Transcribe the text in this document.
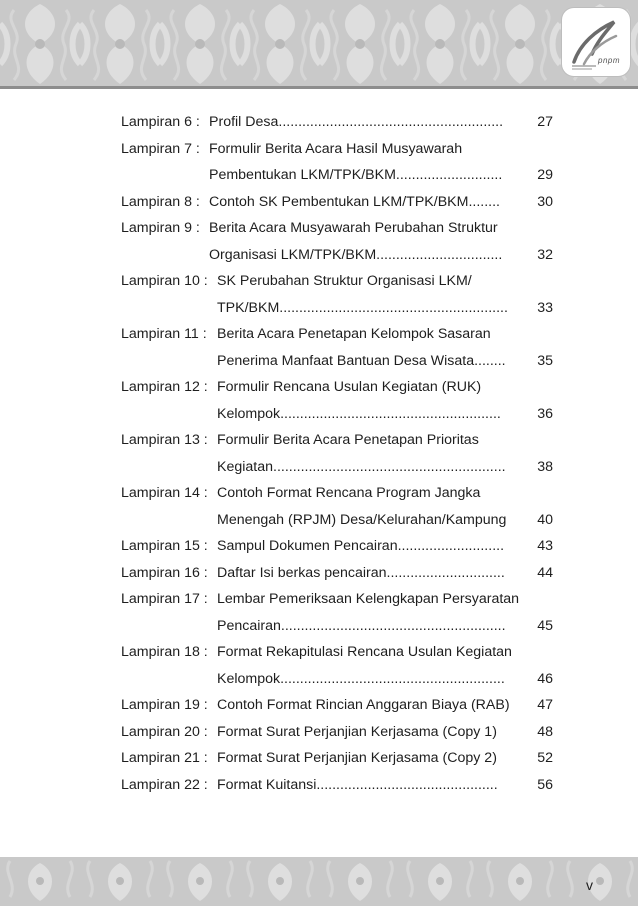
pnpm
Lampiran 6 : Profil Desa......................................................... 27
Lampiran 7 : Formulir Berita Acara Hasil Musyawarah
Pembentukan LKM/TPK/BKM........................... 29
Lampiran 8 : Contoh SK Pembentukan LKM/TPK/BKM........	30
Lampiran 9 : Berita Acara Musyawarah Perubahan Struktur
Organisasi LKM/TPK/BKM................................ 32
Lampiran 10 : SK Perubahan Struktur Organisasi LKM/
TPK/BKM.......................................................... 33
Lampiran 11 : Berita Acara Penetapan Kelompok Sasaran
Penerima Manfaat Bantuan Desa Wisata........ 35
Lampiran 12 : Formulir Rencana Usulan Kegiatan (RUK)
Kelompok........................................................	36
Lampiran 13 : Formulir Berita Acara Penetapan Prioritas
Kegiatan........................................................... 38
Lampiran 14 : Contoh Format Rencana Program Jangka
Menengah (RPJM) Desa/Kelurahan/Kampung 40
Lampiran 15 : Sampul Dokumen Pencairan........................... 43
Lampiran 16 : Daftar Isi berkas pencairan.............................. 44
Lampiran 17 : Lembar Pemeriksaan Kelengkapan Persyaratan
Pencairan......................................................... 45
Lampiran 18 : Format Rekapitulasi Rencana Usulan Kegiatan
Kelompok......................................................... 46
Lampiran 19 : Contoh Format Rincian Anggaran Biaya (RAB) 47
Lampiran 20 : Format Surat Perjanjian Kerjasama (Copy 1)	48
Lampiran 21 : Format Surat Perjanjian Kerjasama (Copy 2)	52
Lampiran 22 : Format Kuitansi..............................................	56
v
